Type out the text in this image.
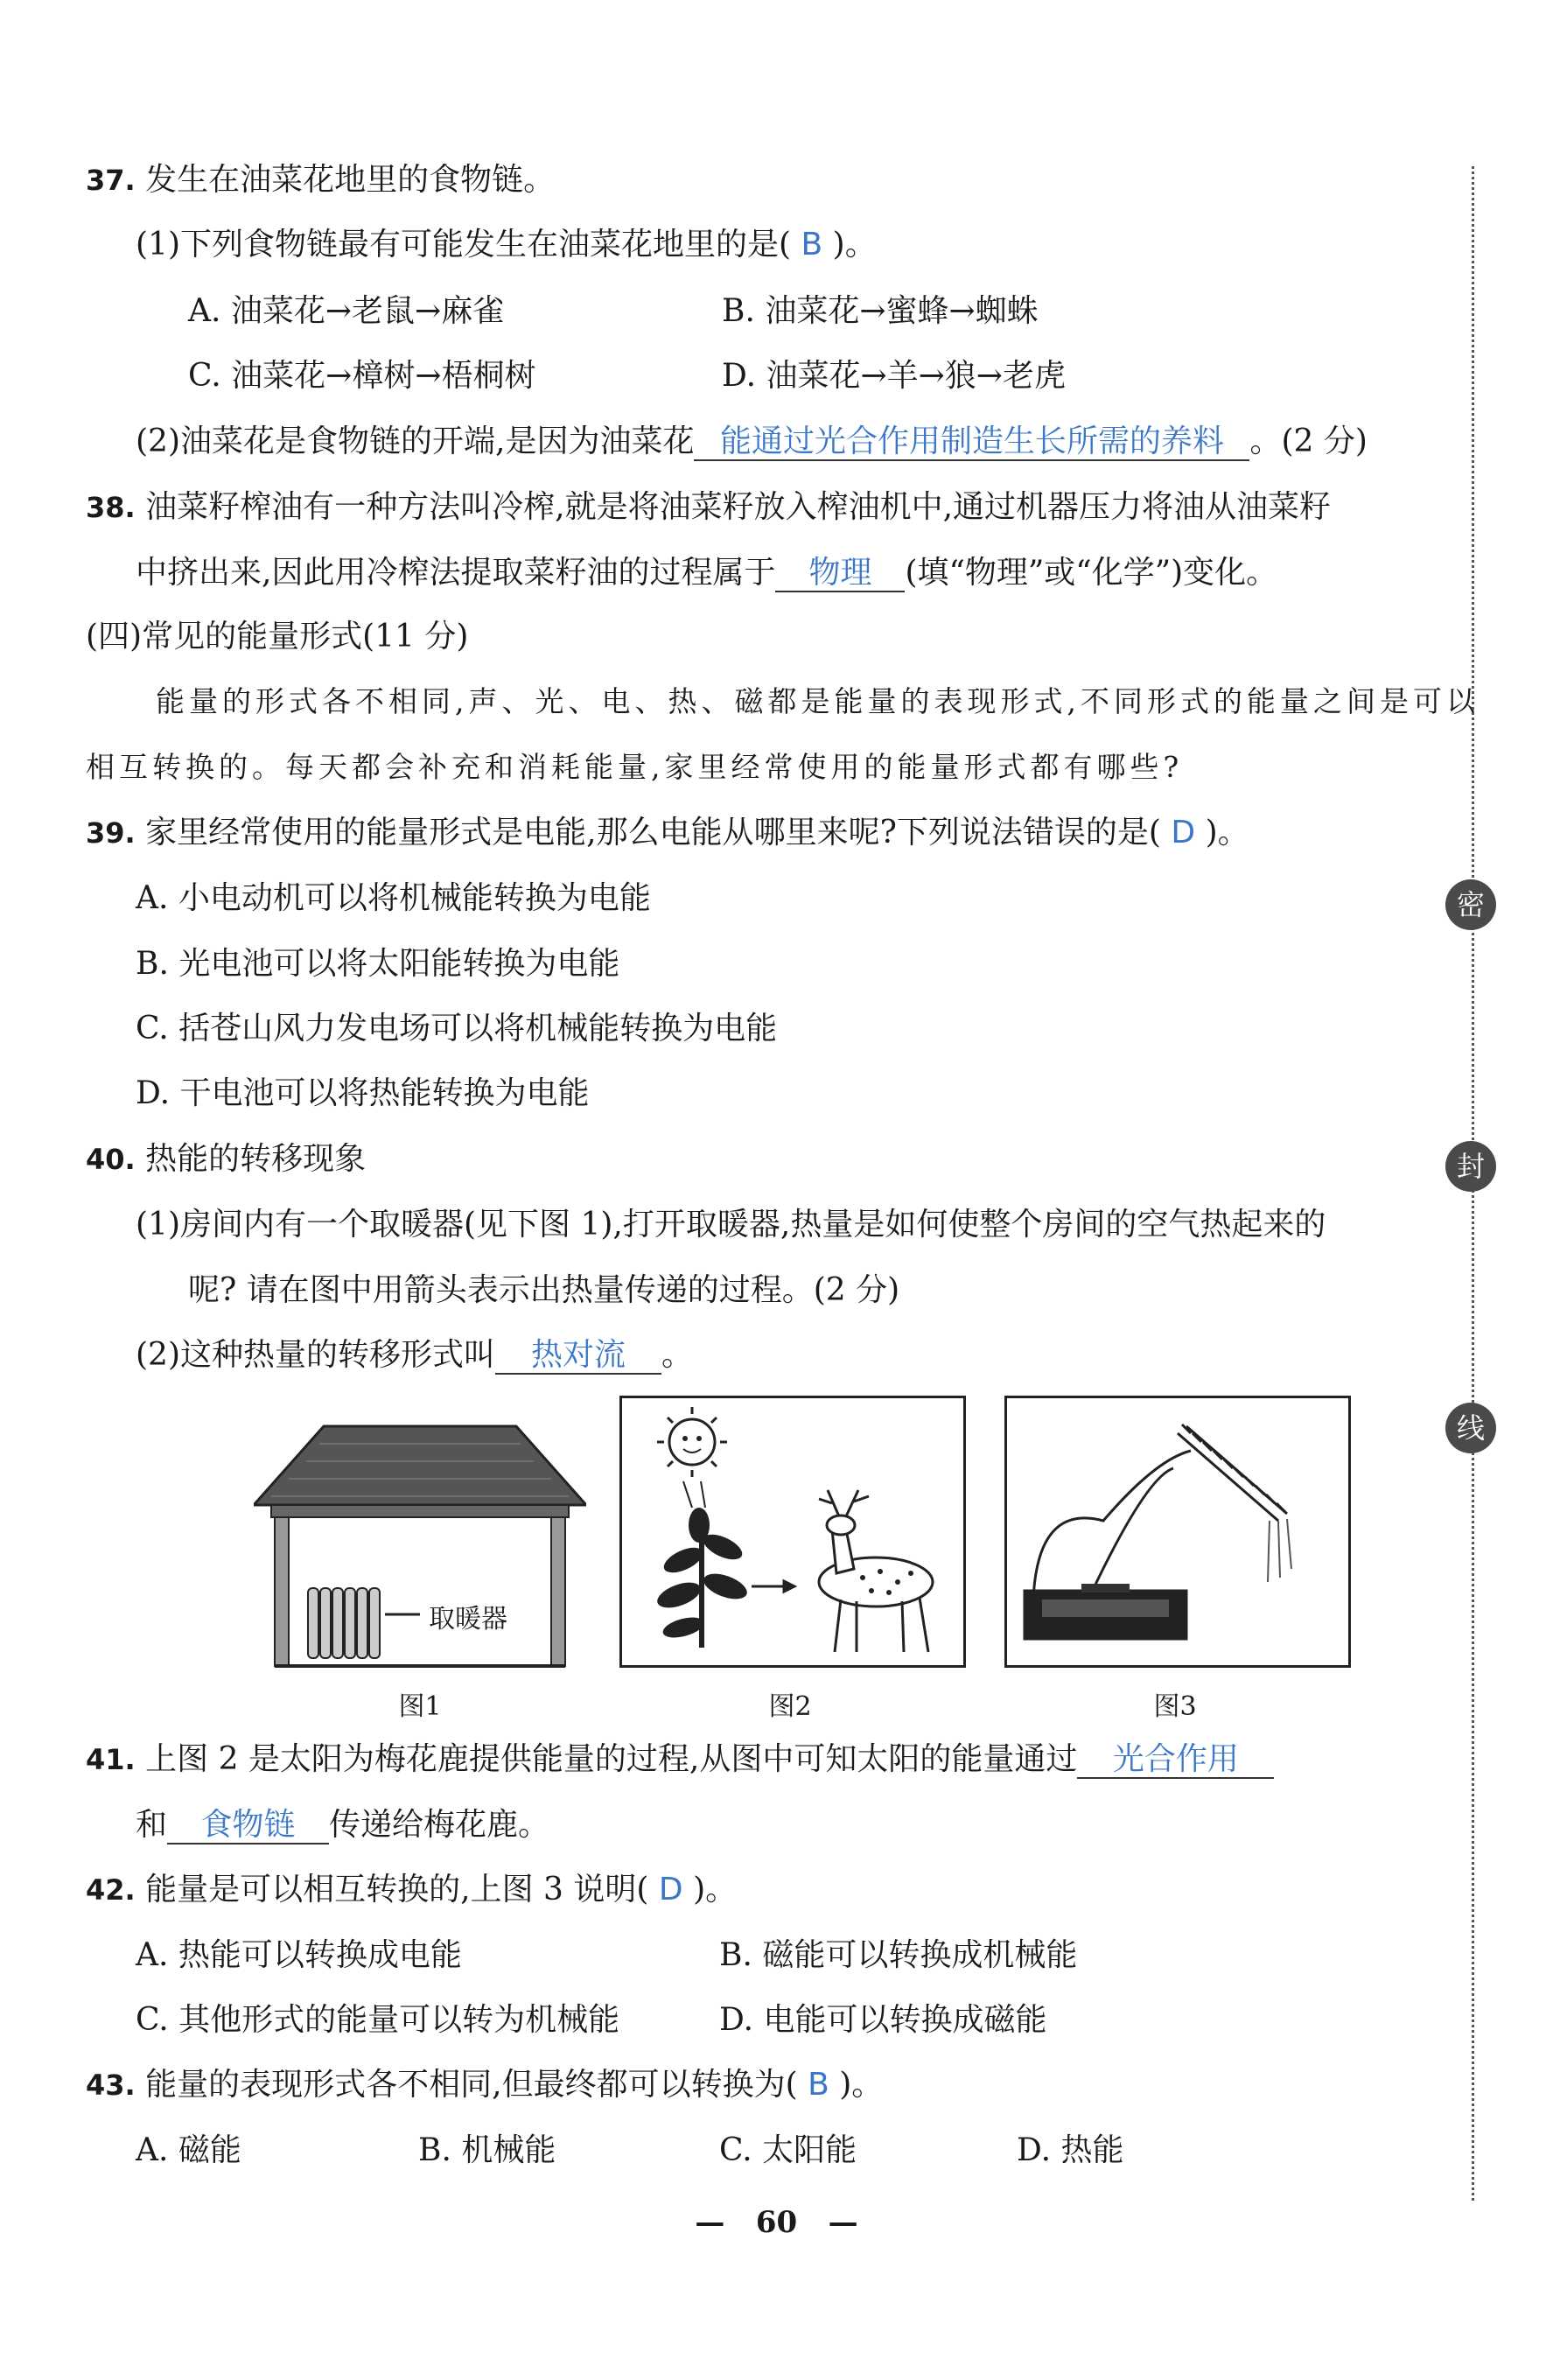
37. 发生在油菜花地里的食物链。
(1)下列食物链最有可能发生在油菜花地里的是( B )。
A. 油菜花→老鼠→麻雀	B. 油菜花→蜜蜂→蜘蛛
C. 油菜花→樟树→梧桐树	D. 油菜花→羊→狼→老虎
(2)油菜花是食物链的开端,是因为油菜花 能通过光合作用制造生长所需的养料 。(2 分)
38. 油菜籽榨油有一种方法叫冷榨,就是将油菜籽放入榨油机中,通过机器压力将油从油菜籽
中挤出来,因此用冷榨法提取菜籽油的过程属于 物理 (填“物理”或“化学”)变化。
(四)常见的能量形式(11 分)
能量的形式各不相同,声、光、电、热、磁都是能量的表现形式,不同形式的能量之间是可以
相互转换的。每天都会补充和消耗能量,家里经常使用的能量形式都有哪些?
39. 家里经常使用的能量形式是电能,那么电能从哪里来呢?下列说法错误的是( D )。
A. 小电动机可以将机械能转换为电能
B. 光电池可以将太阳能转换为电能
C. 括苍山风力发电场可以将机械能转换为电能
D. 干电池可以将热能转换为电能
40. 热能的转移现象
(1)房间内有一个取暖器(见下图 1),打开取暖器,热量是如何使整个房间的空气热起来的
呢? 请在图中用箭头表示出热量传递的过程。(2 分)
(2)这种热量的转移形式叫 热对流 。
取暖器
图1	图2	图3
41. 上图 2 是太阳为梅花鹿提供能量的过程,从图中可知太阳的能量通过 光合作用
和 食物链 传递给梅花鹿。
42. 能量是可以相互转换的,上图 3 说明( D )。
A. 热能可以转换成电能	B. 磁能可以转换成机械能
C. 其他形式的能量可以转为机械能	D. 电能可以转换成磁能
43. 能量的表现形式各不相同,但最终都可以转换为( B )。
A. 磁能	B. 机械能	C. 太阳能	D. 热能
密
封
线
— 60 —
